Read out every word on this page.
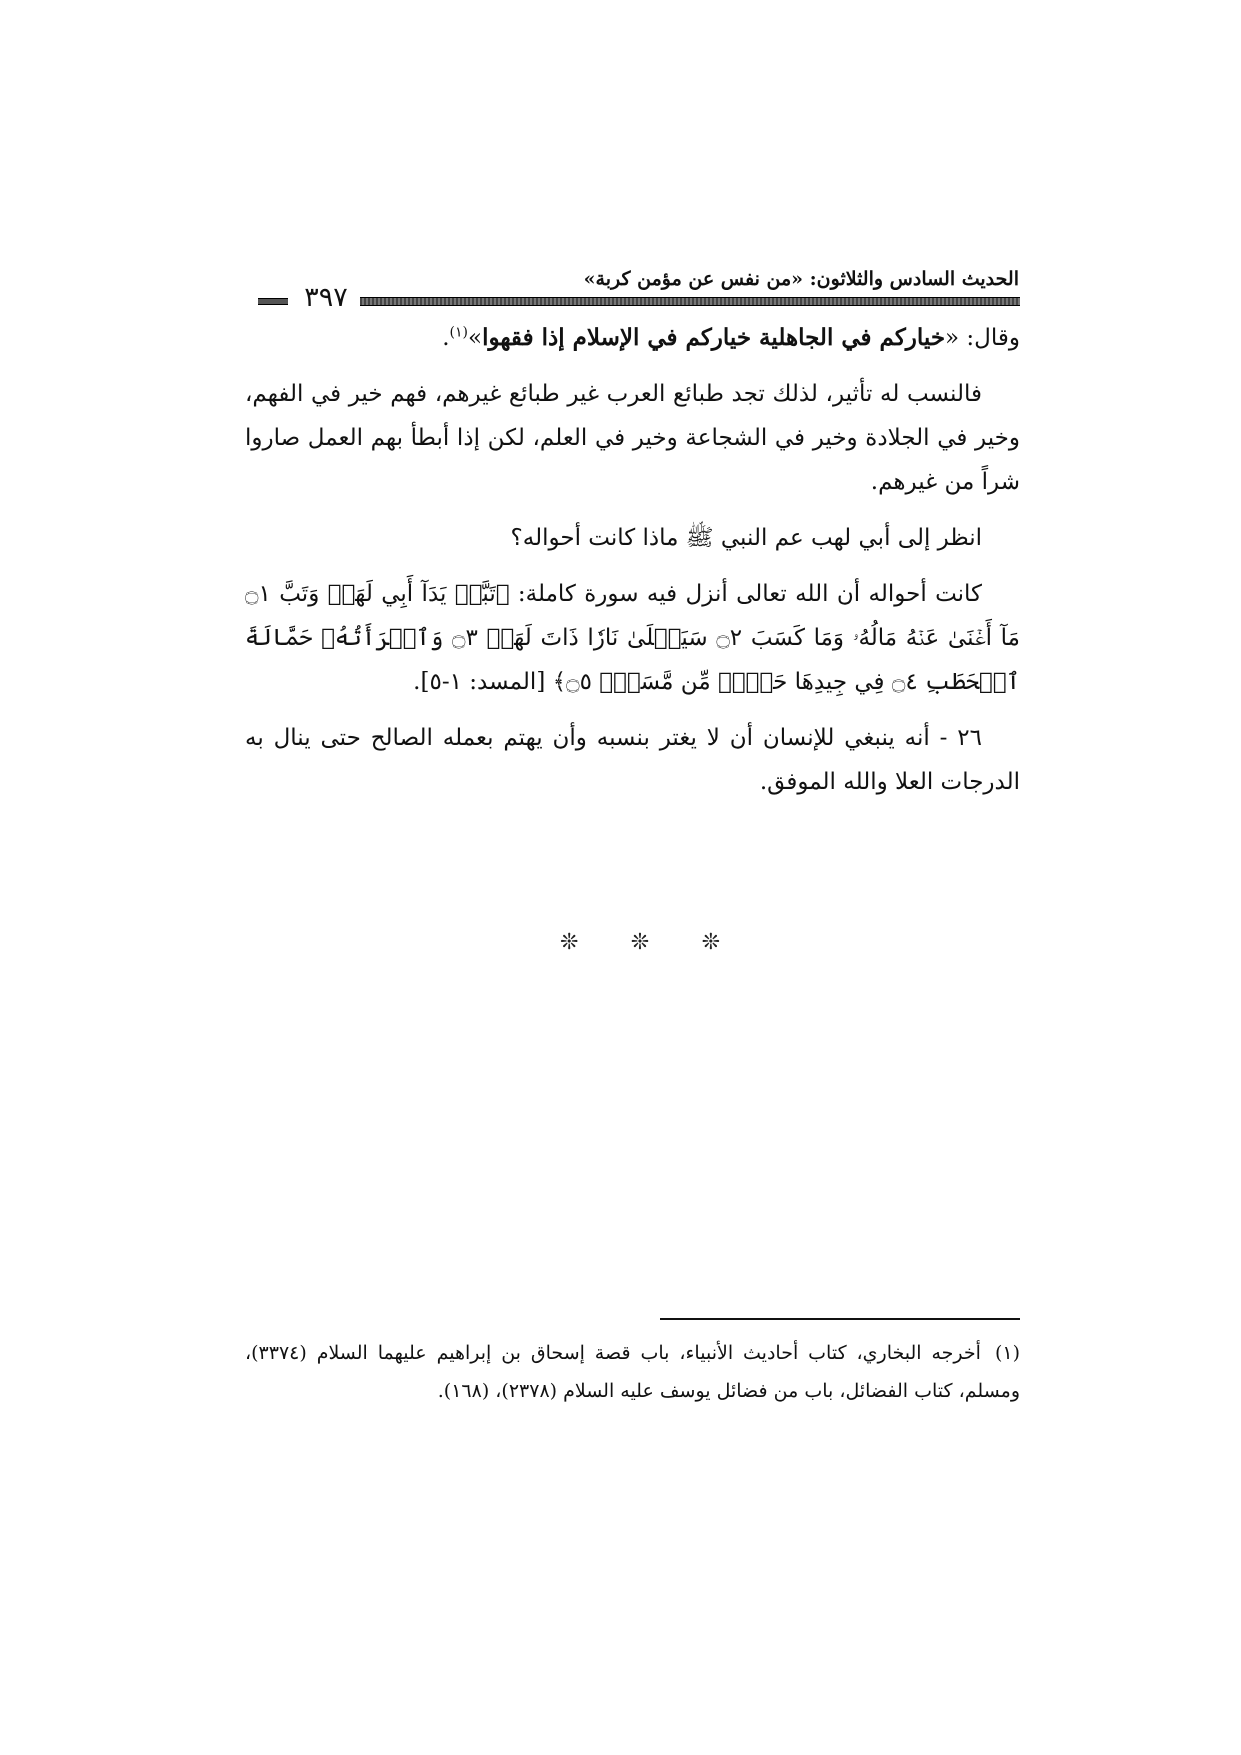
الحديث السادس والثلاثون: «من نفس عن مؤمن كربة»
٣٩٧

وقال: «خياركم في الجاهلية خياركم في الإسلام إذا فقهوا»$^{(١)}$.

فالنسب له تأثير، لذلك تجد طبائع العرب غير طبائع غيرهم، فهم خير في الفهم، وخير في الجلادة وخير في الشجاعة وخير في العلم، لكن إذا أبطأ بهم العمل صاروا شراً من غيرهم.

انظر إلى أبي لهب عم النبي ﷺ ماذا كانت أحواله؟

كانت أحواله أن الله تعالى أنزل فيه سورة كاملة: ﴿تَبَّتۡ يَدَآ أَبِي لَهَبٖ وَتَبَّ ۝١ مَآ أَغۡنَىٰ عَنۡهُ مَالُهُۥ وَمَا كَسَبَ ۝٢ سَيَصۡلَىٰ نَارٗا ذَاتَ لَهَبٖ ۝٣ وَٱمۡرَأَتُهُۥ حَمَّالَةَ ٱلۡحَطَبِ ۝٤ فِي جِيدِهَا حَبۡلٞ مِّن مَّسَدِۭ ۝٥﴾ [المسد: ١-٥].

٢٦ - أنه ينبغي للإنسان أن لا يغتر بنسبه وأن يهتم بعمله الصالح حتى ينال به الدرجات العلا والله الموفق.

❊ ❊ ❊
(١)أخرجه البخاري، كتاب أحاديث الأنبياء، باب قصة إسحاق بن إبراهيم عليهما السلام (٣٣٧٤)، ومسلم، كتاب الفضائل، باب من فضائل يوسف عليه السلام (٢٣٧٨)، (١٦٨).
